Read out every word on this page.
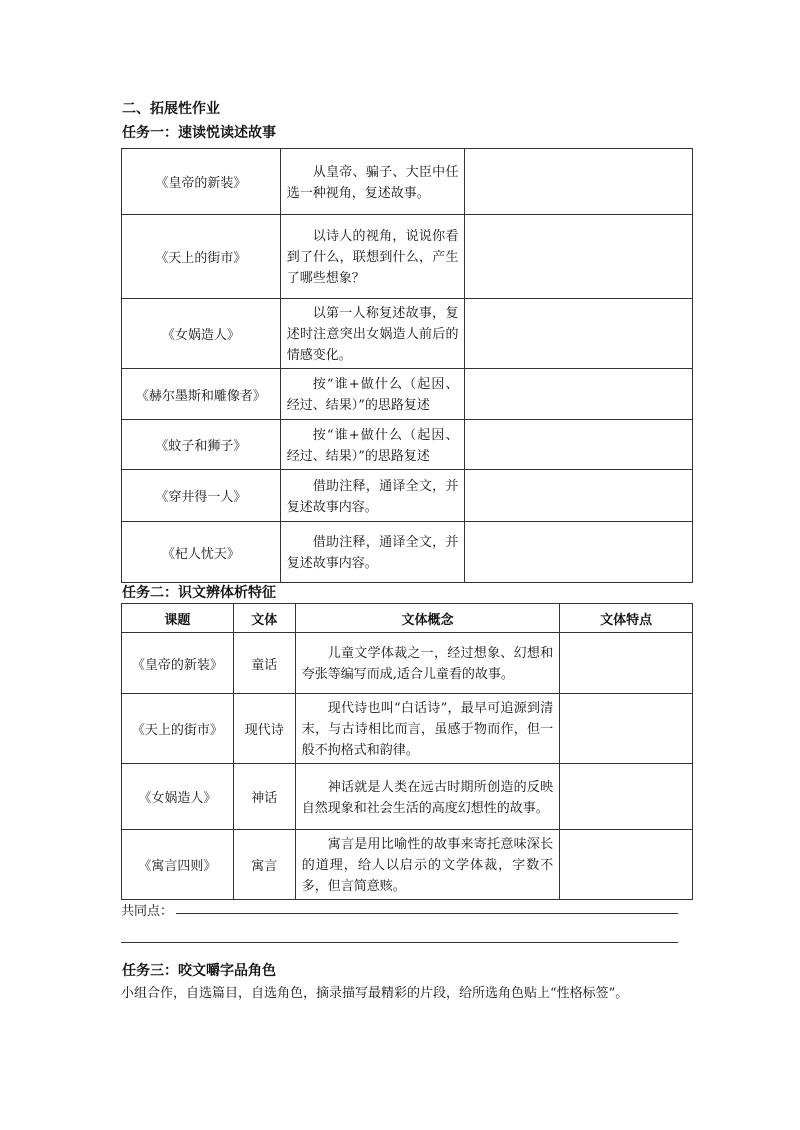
二、拓展性作业
任务一：速读悦读述故事
《皇帝的新装》	从皇帝、骗子、大臣中任选一种视角，复述故事。	
《天上的街市》	以诗人的视角，说说你看到了什么，联想到什么，产生了哪些想象？	
《女娲造人》	以第一人称复述故事，复述时注意突出女娲造人前后的情感变化。	
《赫尔墨斯和雕像者》	按“谁+做什么（起因、经过、结果）”的思路复述	
《蚊子和狮子》	按“谁+做什么（起因、经过、结果）”的思路复述	
《穿井得一人》	借助注释，通译全文，并复述故事内容。	
《杞人忧天》	借助注释，通译全文，并复述故事内容。	
任务二：识文辨体析特征
课题	文体	文体概念	文体特点
《皇帝的新装》	童话	儿童文学体裁之一，经过想象、幻想和夸张等编写而成,适合儿童看的故事。	
《天上的街市》	现代诗	现代诗也叫“白话诗”，最早可追源到清末，与古诗相比而言，虽感于物而作，但一般不拘格式和韵律。	
《女娲造人》	神话	神话就是人类在远古时期所创造的反映自然现象和社会生活的高度幻想性的故事。	
《寓言四则》	寓言	寓言是用比喻性的故事来寄托意味深长的道理，给人以启示的文学体裁，字数不多，但言简意赅。	
共同点：
任务三：咬文嚼字品角色
小组合作，自选篇目，自选角色，摘录描写最精彩的片段，给所选角色贴上“性格标签”。
